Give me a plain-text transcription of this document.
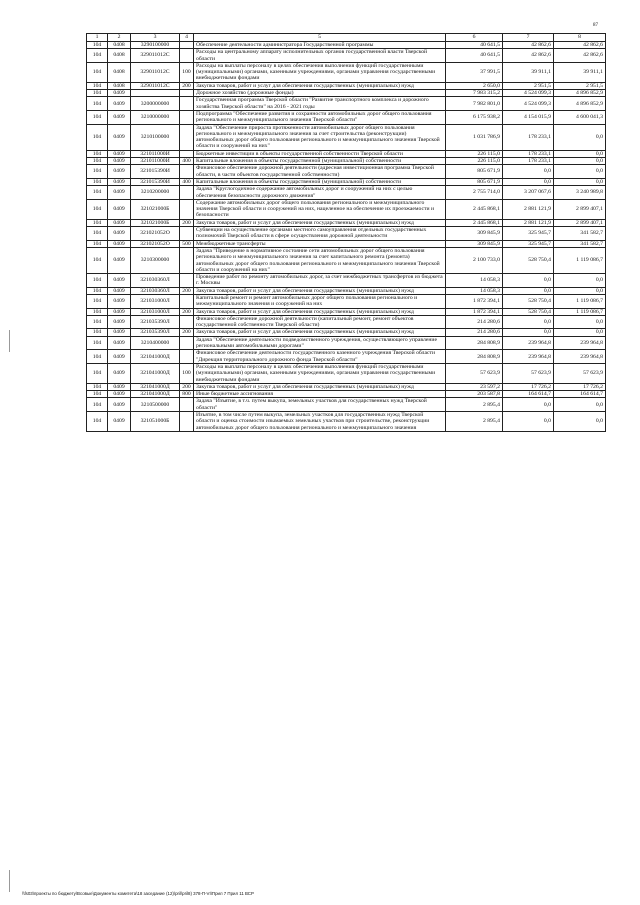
87
1	2	3	4	5	6	7	8
104	0408	3290100000		Обеспечение деятельности администратора Государственной программы	40 641,5	42 862,6	42 862,6
104	0408	329011012С		Расходы на центральному аппарату исполнительных органов государственной власти Тверской области	40 641,5	42 862,6	42 862,6
104	0408	329011012С	100	Расходы на выплаты персоналу в целях обеспечения выполнения функций государственными (муниципальными) органами, казенными учреждениями, органами управления государственными внебюджетными фондами	37 991,5	39 911,1	39 911,1
104	0408	329011012С	200	Закупка товаров, работ и услуг для обеспечения государственных (муниципальных) нужд	2 650,0	2 951,5	2 951,5
104	0409			Дорожное хозяйство (дорожные фонды)	7 983 315,2	4 524 099,3	4 896 852,9
104	0409	3200000000		Государственная программа Тверской области "Развитие транспортного комплекса и дорожного хозяйства Тверской области" на 2016 - 2021 годы	7 982 801,0	4 524 099,3	4 896 852,9
104	0409	3210000000		Подпрограмма "Обеспечение развития и сохранности автомобильных дорог общего пользования регионального и межмуниципального значения Тверской области"	6 175 938,2	4 154 015,9	4 600 041,3
104	0409	3210100000		Задача "Обеспечение прироста протяженности автомобильных дорог общего пользования регионального и межмуниципального значения за счет строительства (реконструкции) автомобильных дорог общего пользования регионального и межмуниципального значения Тверской области и сооружений на них"	1 031 786,9	178 233,1	0,0
104	0409	321011000И		Бюджетные инвестиции в объекты государственной собственности Тверской области	226 115,0	178 233,1	0,0
104	0409	321011000И	400	Капитальные вложения в объекты государственной (муниципальной) собственности	226 115,0	178 233,1	0,0
104	0409	321015390И		Финансовое обеспечение дорожной деятельности (адресная инвестиционная программа Тверской области, в части объектов государственной собственности)	805 671,9	0,0	0,0
104	0409	321015390И	400	Капитальные вложения в объекты государственной (муниципальной) собственности	805 671,9	0,0	0,0
104	0409	3210200000		Задача "Круглогодичное содержание автомобильных дорог и сооружений на них с целью обеспечения безопасности дорожного движения"	2 755 714,0	3 207 067,6	3 240 989,8
104	0409	321021000Б		Содержание автомобильных дорог общего пользования регионального и межмуниципального значения Тверской области и сооружений на них, нацеленное на обеспечение их проезжаемости и безопасности	2 445 868,1	2 881 121,9	2 899 407,1
104	0409	321021000Б	200	Закупка товаров, работ и услуг для обеспечения государственных (муниципальных) нужд	2 445 868,1	2 881 121,9	2 899 407,1
104	0409	321021052О		Субвенции на осуществление органами местного самоуправления отдельных государственных полномочий Тверской области в сфере осуществления дорожной деятельности	309 845,9	325 945,7	341 582,7
104	0409	321021052О	500	Межбюджетные трансферты	309 845,9	325 945,7	341 582,7
104	0409	3210300000		Задача "Приведение в нормативное состояние сети автомобильных дорог общего пользования регионального и межмуниципального значения за счет капитального ремонта (ремонта) автомобильных дорог общего пользования регионального и межмуниципального значения Тверской области и сооружений на них"	2 100 733,0	528 750,4	1 119 086,7
104	0409	321030360Л		Проведение работ по ремонту автомобильных дорог, за счет межбюджетных трансфертов из бюджета г. Москвы	14 058,3	0,0	0,0
104	0409	321030360Л	200	Закупка товаров, работ и услуг для обеспечения государственных (муниципальных) нужд	14 058,3	0,0	0,0
104	0409	321031000Л		Капитальный ремонт и ремонт автомобильных дорог общего пользования регионального и межмуниципального значения и сооружений на них	1 872 394,1	528 750,4	1 119 086,7
104	0409	321031000Л	200	Закупка товаров, работ и услуг для обеспечения государственных (муниципальных) нужд	1 872 394,1	528 750,4	1 119 086,7
104	0409	321035390Л		Финансовое обеспечение дорожной деятельности (капитальный ремонт, ремонт объектов государственной собственности Тверской области)	214 280,6	0,0	0,0
104	0409	321035390Л	200	Закупка товаров, работ и услуг для обеспечения государственных (муниципальных) нужд	214 280,6	0,0	0,0
104	0409	3210400000		Задача "Обеспечение деятельности подведомственного учреждения, осуществляющего управление региональными автомобильными дорогами"	284 808,9	239 964,8	239 964,8
104	0409	321041000Д		Финансовое обеспечение деятельности государственного казенного учреждения Тверской области "Дирекция территориального дорожного фонда Тверской области"	284 808,9	239 964,8	239 964,8
104	0409	321041000Д	100	Расходы на выплаты персоналу в целях обеспечения выполнения функций государственными (муниципальными) органами, казенными учреждениями, органами управления государственными внебюджетными фондами	57 623,9	57 623,9	57 623,9
104	0409	321041000Д	200	Закупка товаров, работ и услуг для обеспечения государственных (муниципальных) нужд	23 597,2	17 726,2	17 726,2
104	0409	321041000Д	800	Иные бюджетные ассигнования	203 587,8	164 614,7	164 614,7
104	0409	3210500000		Задача "Изъятие, в т.ч. путем выкупа, земельных участков для государственных нужд Тверской области"	2 895,4	0,0	0,0
104	0409	321051000Б		Изъятие, в том числе путем выкупа, земельных участков для государственных нужд Тверской области и оценка стоимости изымаемых земельных участков при строительстве, реконструкции автомобильных дорог общего пользования регионального и межмуниципального значения	2 895,4	0,0	0,0
\\fs03\проекты по бюджету\Всовые\Документы комитета\18 заседание (12)\pril\pril8) 378-П-VI\Прил 7 Прил 11 ВСР
